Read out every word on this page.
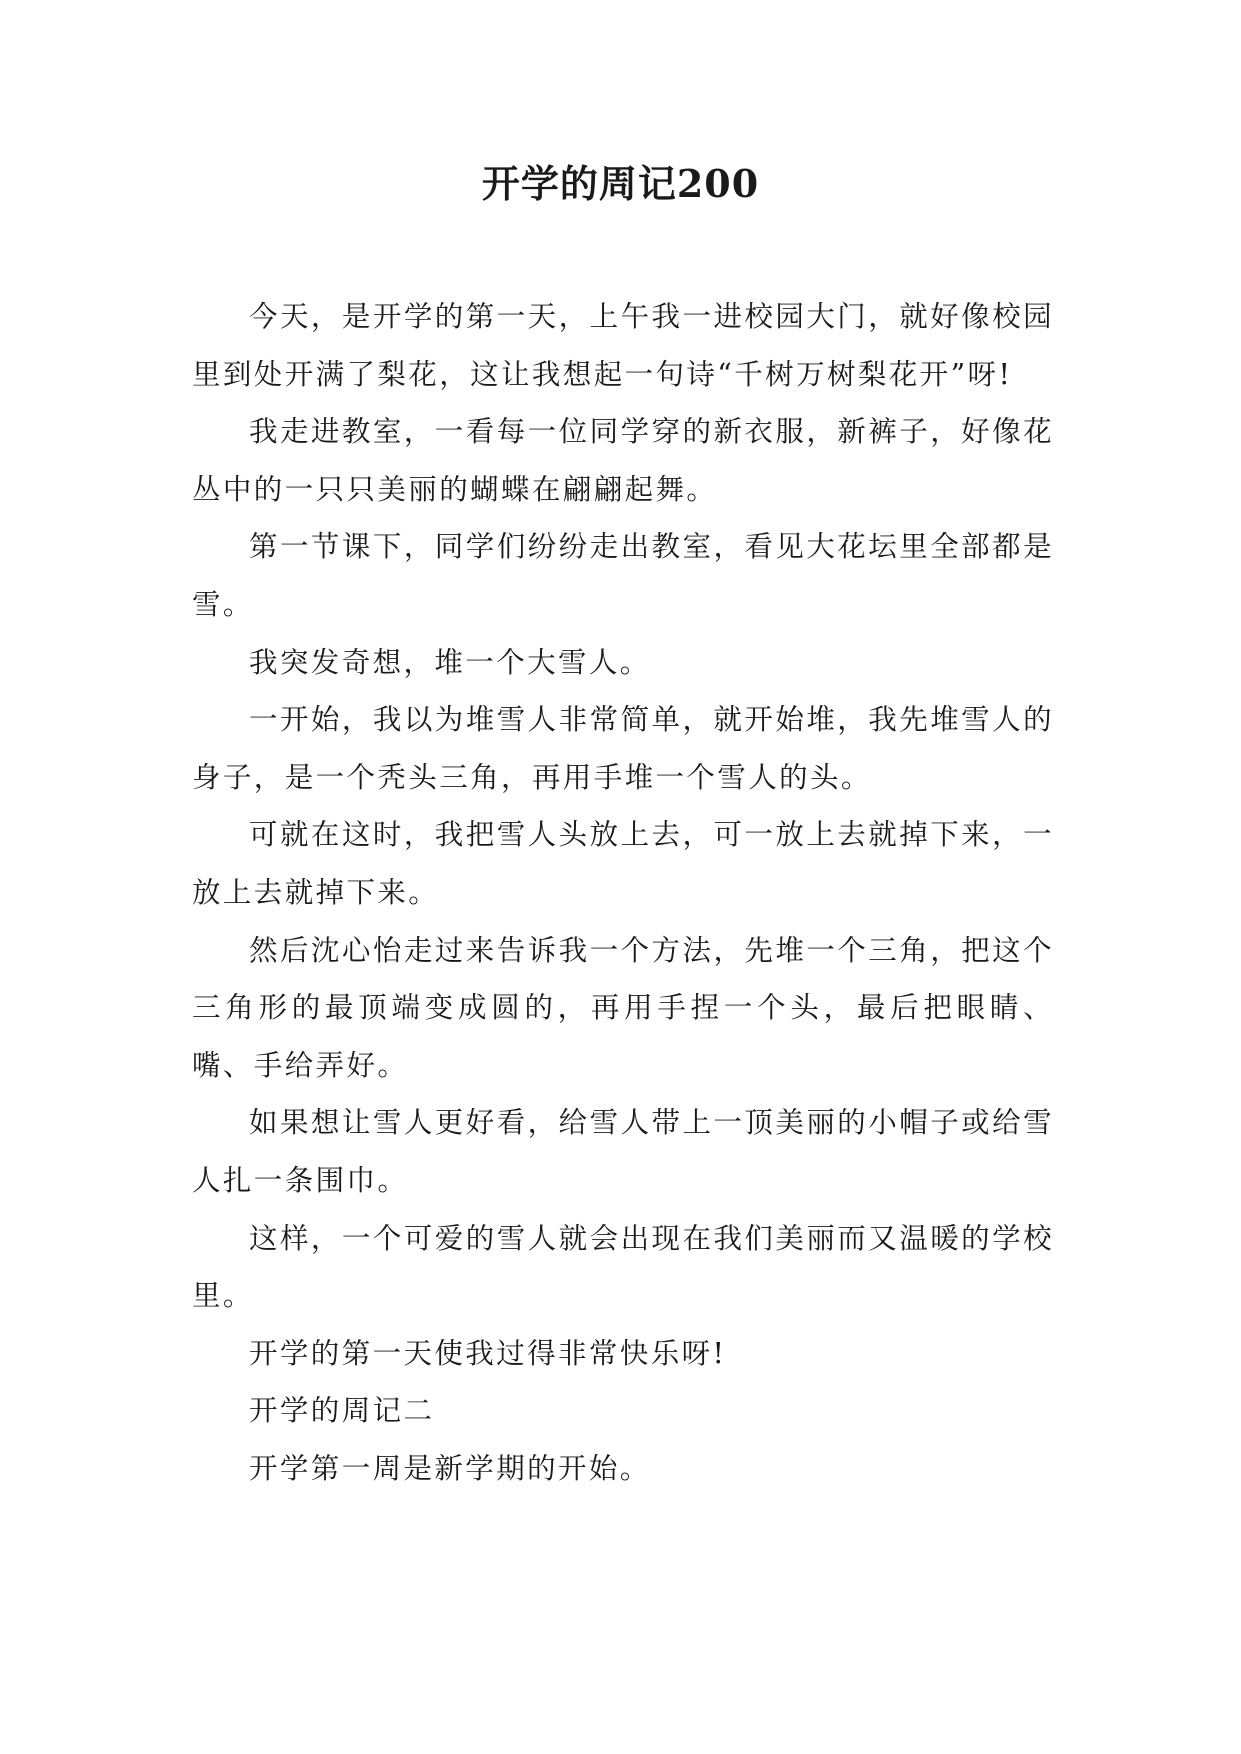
开学的周记200

今天，是开学的第一天，上午我一进校园大门，就好像校园里到处开满了梨花，这让我想起一句诗“千树万树梨花开”呀!

我走进教室，一看每一位同学穿的新衣服，新裤子，好像花丛中的一只只美丽的蝴蝶在翩翩起舞。

第一节课下，同学们纷纷走出教室，看见大花坛里全部都是雪。

我突发奇想，堆一个大雪人。

一开始，我以为堆雪人非常简单，就开始堆，我先堆雪人的身子，是一个秃头三角，再用手堆一个雪人的头。

可就在这时，我把雪人头放上去，可一放上去就掉下来，一放上去就掉下来。

然后沈心怡走过来告诉我一个方法，先堆一个三角，把这个三角形的最顶端变成圆的，再用手捏一个头，最后把眼睛、嘴、手给弄好。

如果想让雪人更好看，给雪人带上一顶美丽的小帽子或给雪人扎一条围巾。

这样，一个可爱的雪人就会出现在我们美丽而又温暖的学校里。

开学的第一天使我过得非常快乐呀!

开学的周记二

开学第一周是新学期的开始。
